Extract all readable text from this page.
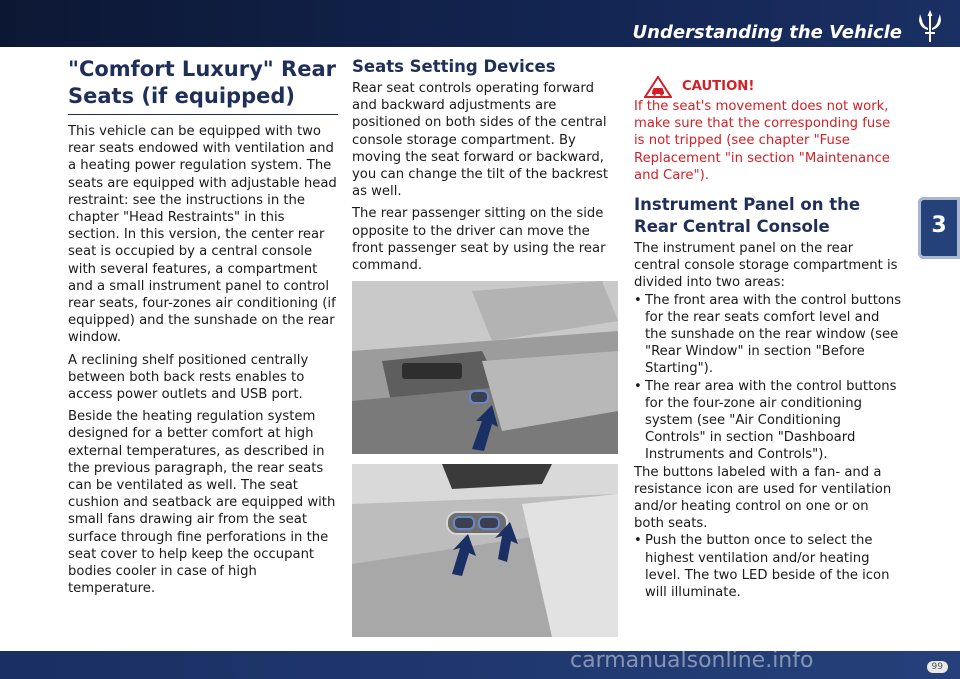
Understanding the Vehicle
3
"Comfort Luxury" Rear Seats (if equipped)

This vehicle can be equipped with two rear seats endowed with ventilation and a heating power regulation system. The seats are equipped with adjustable head restraint: see the instructions in the chapter "Head Restraints" in this section. In this version, the center rear seat is occupied by a central console with several features, a compartment and a small instrument panel to control rear seats, four-zones air conditioning (if equipped) and the sunshade on the rear window.

A reclining shelf positioned centrally between both back rests enables to access power outlets and USB port.

Beside the heating regulation system designed for a better comfort at high external temperatures, as described in the previous paragraph, the rear seats can be ventilated as well. The seat cushion and seatback are equipped with small fans drawing air from the seat surface through fine perforations in the seat cover to help keep the occupant bodies cooler in case of high temperature.

Seats Setting Devices

Rear seat controls operating forward and backward adjustments are positioned on both sides of the central console storage compartment. By moving the seat forward or backward, you can change the tilt of the backrest as well.

The rear passenger sitting on the side opposite to the driver can move the front passenger seat by using the rear command.

CAUTION!

If the seat's movement does not work, make sure that the corresponding fuse is not tripped (see chapter "Fuse Replacement "in section "Maintenance and Care").

Instrument Panel on the Rear Central Console

The instrument panel on the rear central console storage compartment is divided into two areas:

• The front area with the control buttons for the rear seats comfort level and the sunshade on the rear window (see "Rear Window" in section "Before Starting").
• The rear area with the control buttons for the four-zone air conditioning system (see "Air Conditioning Controls" in section "Dashboard Instruments and Controls").

The buttons labeled with a fan- and a resistance icon are used for ventilation and/or heating control on one or on both seats.

• Push the button once to select the highest ventilation and/or heating level. The two LED beside of the icon will illuminate.
carmanualsonline.info	99
